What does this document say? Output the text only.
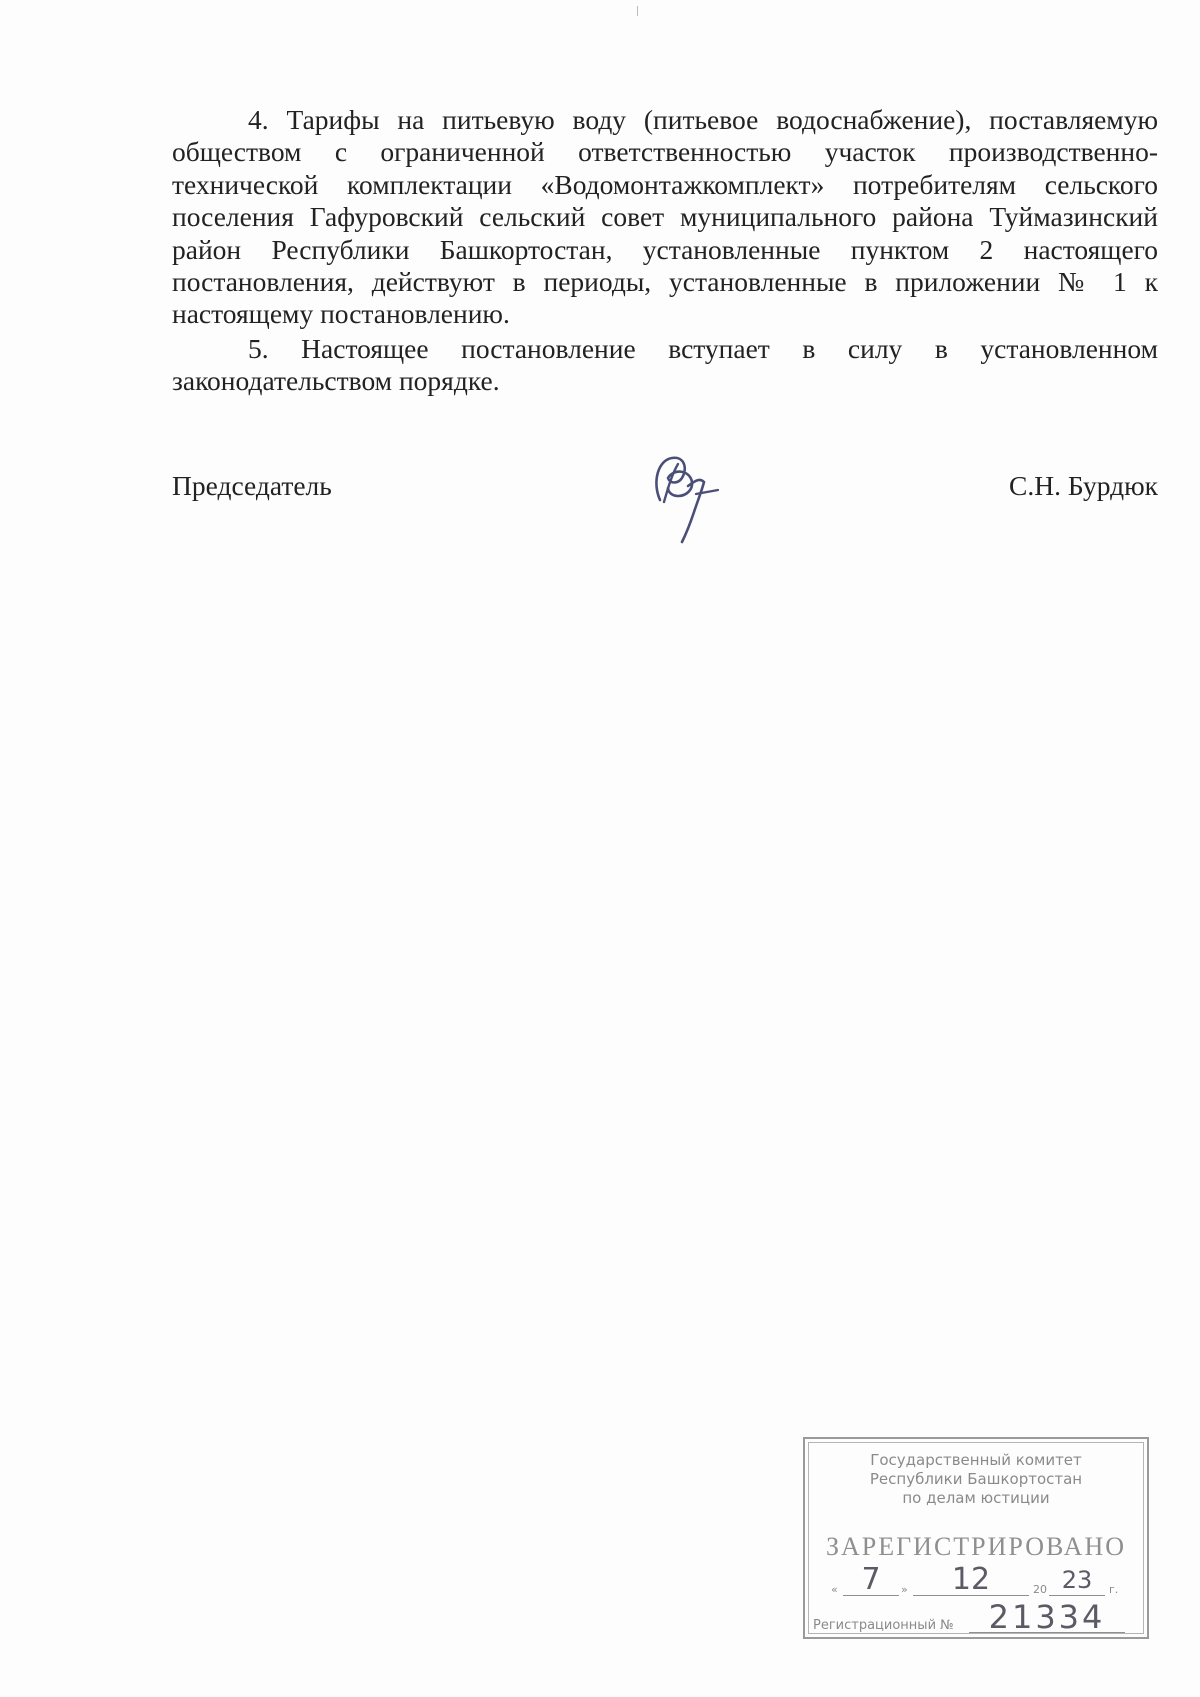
4. Тарифы на питьевую воду (питьевое водоснабжение), поставляемую обществом с ограниченной ответственностью участок производственно-технической комплектации «Водомонтажкомплект» потребителям сельского поселения Гафуровский сельский совет муниципального района Туймазинский район Республики Башкортостан, установленные пунктом 2 настоящего постановления, действуют в периоды, установленные в приложении № 1 к настоящему постановлению.

5. Настоящее постановление вступает в силу в установленном законодательством порядке.

Председатель	С.Н. Бурдюк
Государственный комитет
Республики Башкортостан
по делам юстиции
ЗАРЕГИСТРИРОВАНО
« 7	»	12	20 23	г.
Регистрационный №	21334
